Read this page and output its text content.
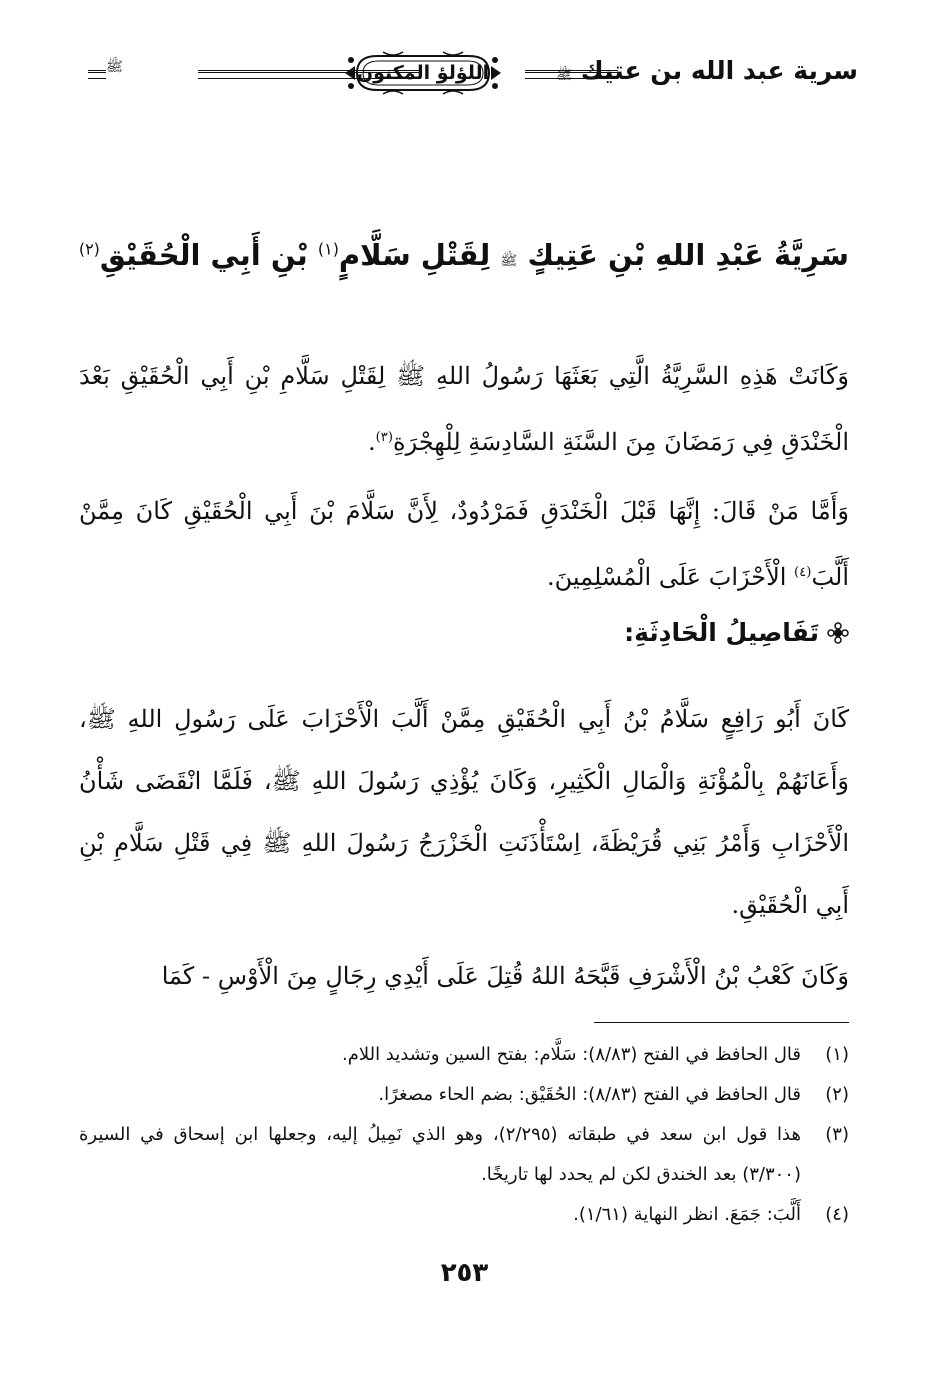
سرية عبد الله بن عتيك ﷺ
اللؤلؤ المكنون
ﷺ
سَرِيَّةُ عَبْدِ اللهِ بْنِ عَتِيكٍ ﷺ لِقَتْلِ سَلَّامٍ$^{(١)}$ بْنِ أَبِي الْحُقَيْقِ$^{(٢)}$

وَكَانَتْ هَذِهِ السَّرِيَّةُ الَّتِي بَعَثَهَا رَسُولُ اللهِ ﷺ لِقَتْلِ سَلَّامِ بْنِ أَبِي الْحُقَيْقِ بَعْدَ الْخَنْدَقِ فِي رَمَضَانَ مِنَ السَّنَةِ السَّادِسَةِ لِلْهِجْرَةِ$^{(٣)}$.

وَأَمَّا مَنْ قَالَ: إِنَّهَا قَبْلَ الْخَنْدَقِ فَمَرْدُودٌ، لِأَنَّ سَلَّامَ بْنَ أَبِي الْحُقَيْقِ كَانَ مِمَّنْ أَلَّبَ$^{(٤)}$ الْأَحْزَابَ عَلَى الْمُسْلِمِينَ.

تَفَاصِيلُ الْحَادِثَةِ:

كَانَ أَبُو رَافِعٍ سَلَّامُ بْنُ أَبِي الْحُقَيْقِ مِمَّنْ أَلَّبَ الْأَحْزَابَ عَلَى رَسُولِ اللهِ ﷺ، وَأَعَانَهُمْ بِالْمُؤْنَةِ وَالْمَالِ الْكَثِيرِ، وَكَانَ يُؤْذِي رَسُولَ اللهِ ﷺ، فَلَمَّا انْقَضَى شَأْنُ الْأَحْزَابِ وَأَمْرُ بَنِي قُرَيْظَةَ، اِسْتَأْذَنَتِ الْخَزْرَجُ رَسُولَ اللهِ ﷺ فِي قَتْلِ سَلَّامِ بْنِ أَبِي الْحُقَيْقِ.

وَكَانَ كَعْبُ بْنُ الْأَشْرَفِ قَبَّحَهُ اللهُ قُتِلَ عَلَى أَيْدِي رِجَالٍ مِنَ الْأَوْسِ - كَمَا

(١)
قال الحافظ في الفتح (٨/٨٣): سَلَّام: بفتح السين وتشديد اللام.
(٢)
قال الحافظ في الفتح (٨/٨٣): الحُقَيْق: بضم الحاء مصغرًا.
(٣)
هذا قول ابن سعد في طبقاته (٢/٢٩٥)، وهو الذي نَمِيلُ إليه، وجعلها ابن إسحاق في السيرة (٣/٣٠٠) بعد الخندق لكن لم يحدد لها تاريخًا.
(٤)
أَلَّبَ: جَمَعَ. انظر النهاية (١/٦١).
٢٥٣
